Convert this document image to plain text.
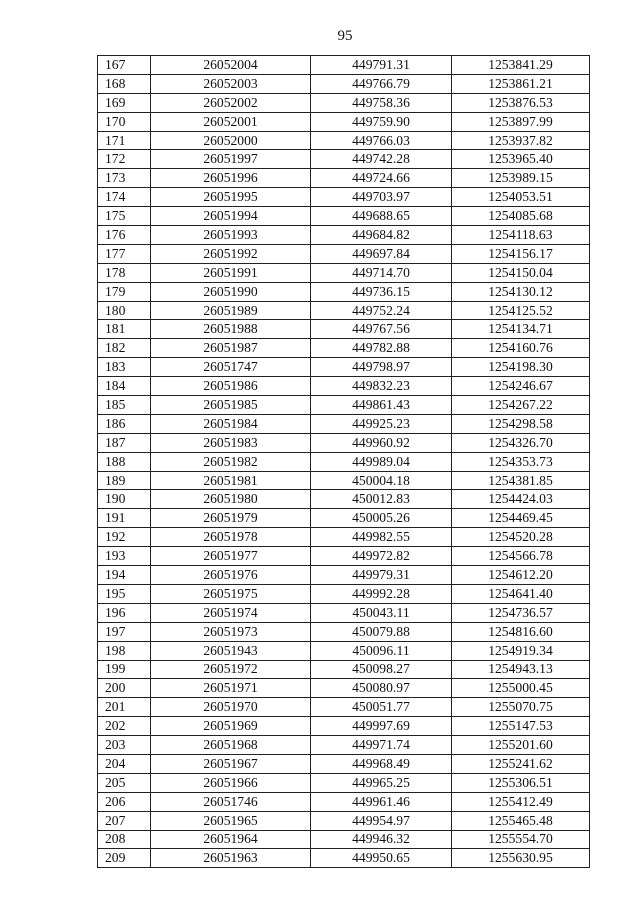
95
167	26052004	449791.31	1253841.29
168	26052003	449766.79	1253861.21
169	26052002	449758.36	1253876.53
170	26052001	449759.90	1253897.99
171	26052000	449766.03	1253937.82
172	26051997	449742.28	1253965.40
173	26051996	449724.66	1253989.15
174	26051995	449703.97	1254053.51
175	26051994	449688.65	1254085.68
176	26051993	449684.82	1254118.63
177	26051992	449697.84	1254156.17
178	26051991	449714.70	1254150.04
179	26051990	449736.15	1254130.12
180	26051989	449752.24	1254125.52
181	26051988	449767.56	1254134.71
182	26051987	449782.88	1254160.76
183	26051747	449798.97	1254198.30
184	26051986	449832.23	1254246.67
185	26051985	449861.43	1254267.22
186	26051984	449925.23	1254298.58
187	26051983	449960.92	1254326.70
188	26051982	449989.04	1254353.73
189	26051981	450004.18	1254381.85
190	26051980	450012.83	1254424.03
191	26051979	450005.26	1254469.45
192	26051978	449982.55	1254520.28
193	26051977	449972.82	1254566.78
194	26051976	449979.31	1254612.20
195	26051975	449992.28	1254641.40
196	26051974	450043.11	1254736.57
197	26051973	450079.88	1254816.60
198	26051943	450096.11	1254919.34
199	26051972	450098.27	1254943.13
200	26051971	450080.97	1255000.45
201	26051970	450051.77	1255070.75
202	26051969	449997.69	1255147.53
203	26051968	449971.74	1255201.60
204	26051967	449968.49	1255241.62
205	26051966	449965.25	1255306.51
206	26051746	449961.46	1255412.49
207	26051965	449954.97	1255465.48
208	26051964	449946.32	1255554.70
209	26051963	449950.65	1255630.95
